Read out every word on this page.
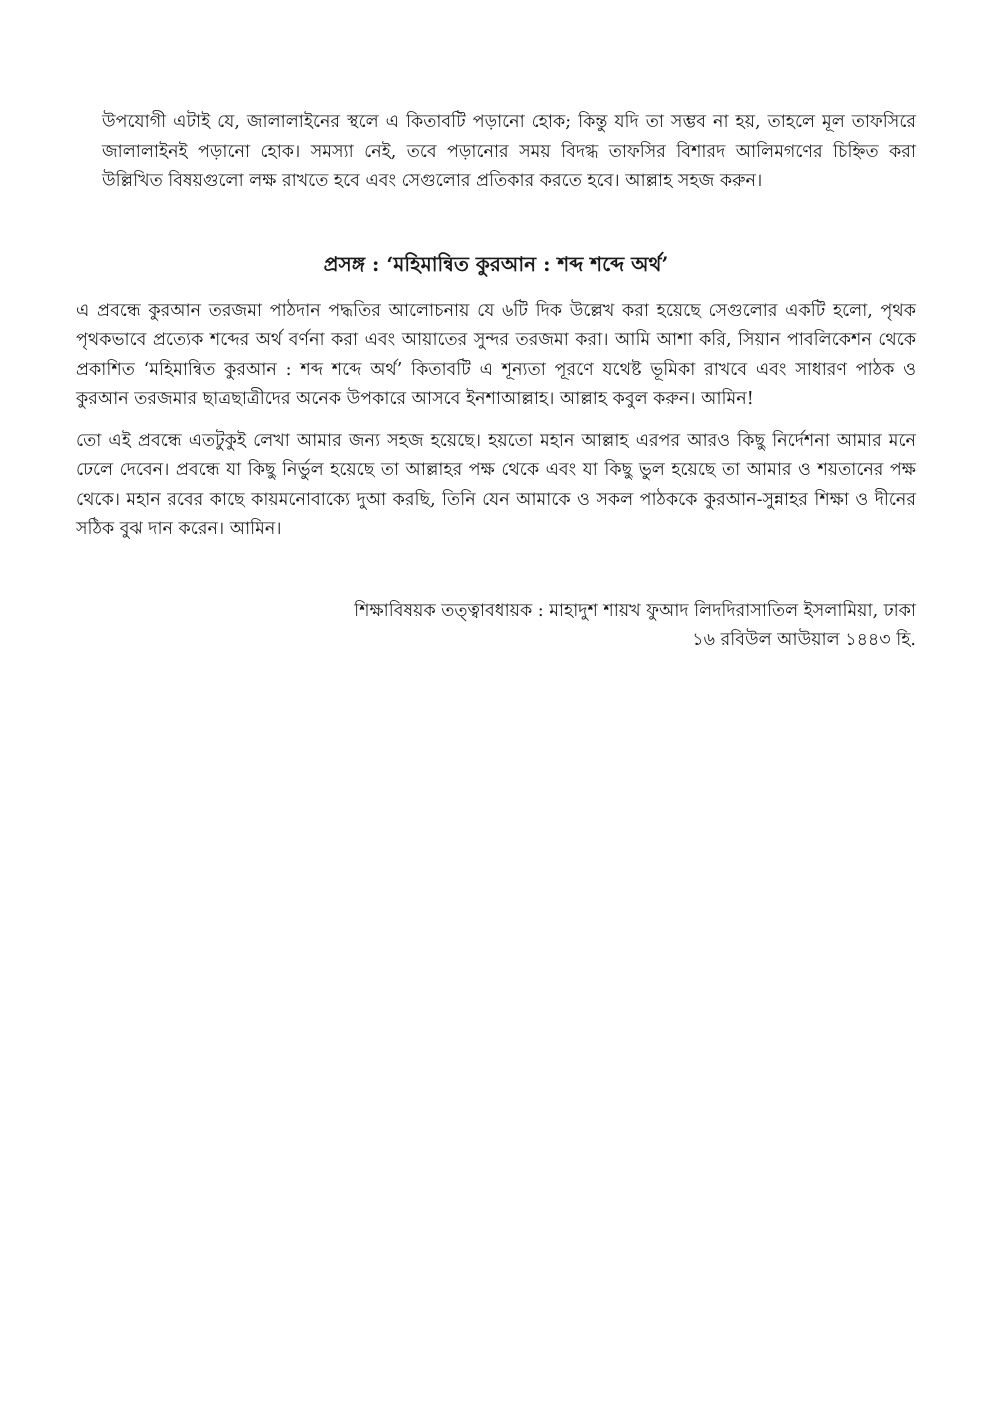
উপযোগী এটাই যে, জালালাইনের স্থলে এ কিতাবটি পড়ানো হোক; কিন্তু যদি তা সম্ভব না হয়, তাহলে মূল তাফসিরে জালালাইনই পড়ানো হোক। সমস্যা নেই, তবে পড়ানোর সময় বিদগ্ধ তাফসির বিশারদ আলিমগণের চিহ্নিত করা উল্লিখিত বিষয়গুলো লক্ষ রাখতে হবে এবং সেগুলোর প্রতিকার করতে হবে। আল্লাহ সহজ করুন।

প্রসঙ্গ : ‘মহিমান্বিত কুরআন : শব্দ শব্দে অর্থ’

এ প্রবন্ধে কুরআন তরজমা পাঠদান পদ্ধতির আলোচনায় যে ৬টি দিক উল্লেখ করা হয়েছে সেগুলোর একটি হলো, পৃথক পৃথকভাবে প্রত্যেক শব্দের অর্থ বর্ণনা করা এবং আয়াতের সুন্দর তরজমা করা। আমি আশা করি, সিয়ান পাবলিকেশন থেকে প্রকাশিত ‘মহিমান্বিত কুরআন : শব্দ শব্দে অর্থ’ কিতাবটি এ শূন্যতা পূরণে যথেষ্ট ভূমিকা রাখবে এবং সাধারণ পাঠক ও কুরআন তরজমার ছাত্রছাত্রীদের অনেক উপকারে আসবে ইনশাআল্লাহ। আল্লাহ কবুল করুন। আমিন!

তো এই প্রবন্ধে এতটুকুই লেখা আমার জন্য সহজ হয়েছে। হয়তো মহান আল্লাহ এরপর আরও কিছু নির্দেশনা আমার মনে ঢেলে দেবেন। প্রবন্ধে যা কিছু নির্ভুল হয়েছে তা আল্লাহর পক্ষ থেকে এবং যা কিছু ভুল হয়েছে তা আমার ও শয়তানের পক্ষ থেকে। মহান রবের কাছে কায়মনোবাক্যে দুআ করছি, তিনি যেন আমাকে ও সকল পাঠককে কুরআন-সুন্নাহর শিক্ষা ও দীনের সঠিক বুঝ দান করেন। আমিন।

শিক্ষাবিষয়ক তত্ত্বাবধায়ক : মাহাদুশ শায়খ ফুআদ লিদদিরাসাতিল ইসলামিয়া, ঢাকা

১৬ রবিউল আউয়াল ১৪৪৩ হি.
